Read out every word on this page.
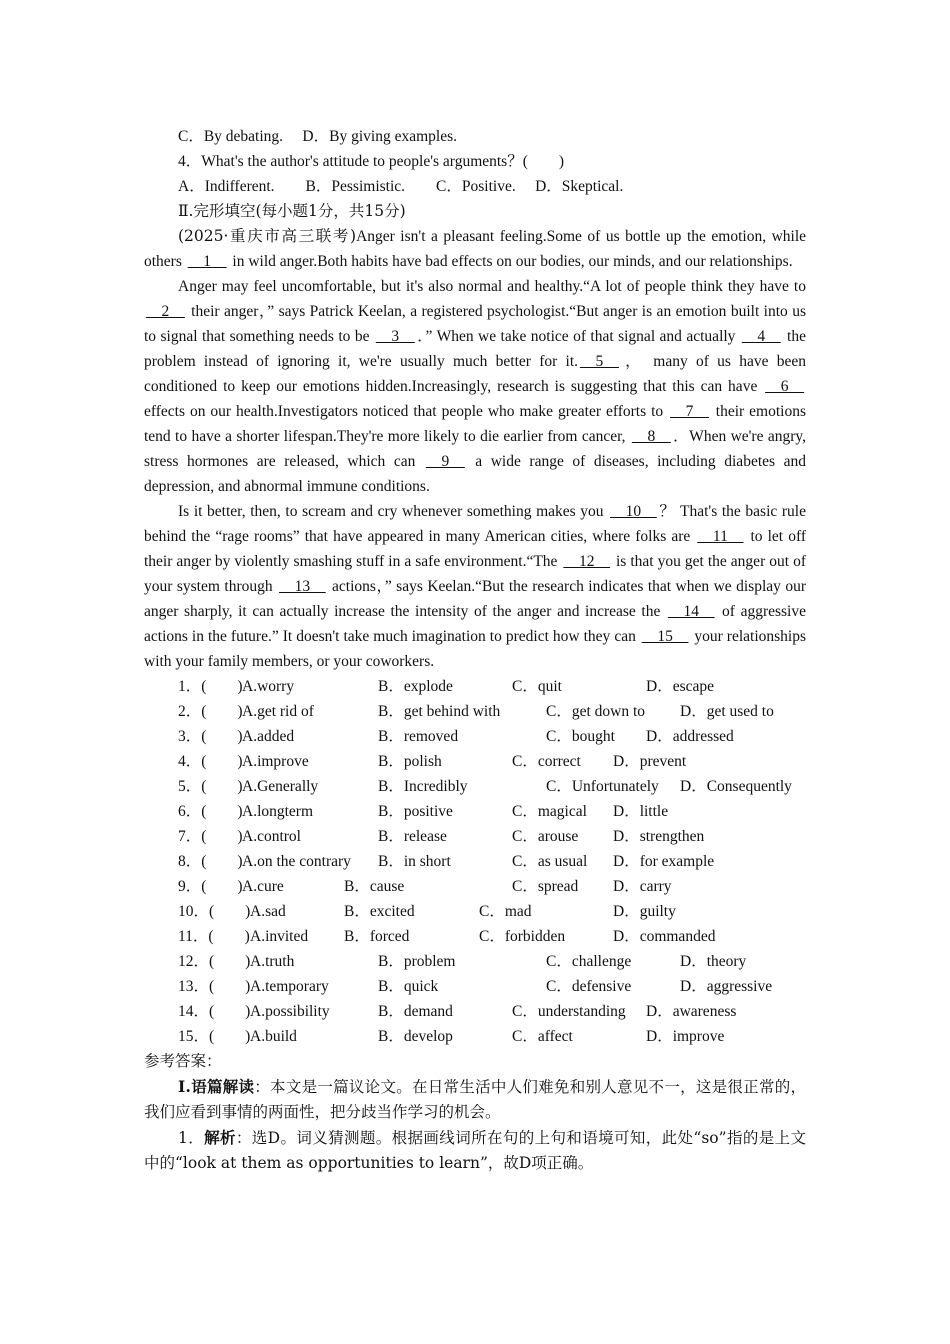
C．By debating.　 D．By giving examples.
4．What's the author's attitude to people's arguments？(　　)
A．Indifferent.　　B．Pessimistic.　　C．Positive.　 D．Skeptical.
Ⅱ.完形填空(每小题1分，共15分)

(2025·重庆市高三联考)Anger isn't a pleasant feeling.Some of us bottle up the emotion, while others __1__ in wild anger.Both habits have bad effects on our bodies, our minds, and our relationships.

Anger may feel uncomfortable, but it's also normal and healthy.“A lot of people think they have to __2__ their anger，” says Patrick Keelan, a registered psychologist.“But anger is an emotion built into us to signal that something needs to be __3__ ．” When we take notice of that signal and actually __4__ the problem instead of ignoring it, we're usually much better for it. __5__ ， many of us have been conditioned to keep our emotions hidden.Increasingly, research is suggesting that this can have __6__ effects on our health.Investigators noticed that people who make greater efforts to __7__ their emotions tend to have a shorter lifespan.They're more likely to die earlier from cancer, __8__ ．When we're angry, stress hormones are released, which can __9__ a wide range of diseases, including diabetes and depression, and abnormal immune conditions.

Is it better, then, to scream and cry whenever something makes you __10__ ？ That's the basic rule behind the “rage rooms” that have appeared in many American cities, where folks are __11__ to let off their anger by violently smashing stuff in a safe environment.“The __12__ is that you get the anger out of your system through __13__ actions，” says Keelan.“But the research indicates that when we display our anger sharply, it can actually increase the intensity of the anger and increase the __14__ of aggressive actions in the future.” It doesn't take much imagination to predict how they can __15__ your relationships with your family members, or your coworkers.

1．(　　) A.worry	B．explode	C．quit	D．escape
2．(　　) A.get rid of	B．get behind with	C．get down to D．get used to
3．(　　) A.added	B．removed	C．bought D．addressed
4．(　　) A.improve	B．polish	C．correct D．prevent
5．(　　) A.Generally	B．Incredibly	C．Unfortunately D．Consequently
6．(　　) A.longterm	B．positive	C．magical D．little
7．(　　) A.control	B．release	C．arouse D．strengthen
8．(　　) A.on the contrary B．in short	C．as usual D．for example
9．(　　) A.cure	B．cause	C．spread D．carry
10．(　　) A.sad	B．excited	C．mad	D．guilty
11．(　　) A.invited B．forced	C．forbidden	D．commanded
12．(　　) A.truth	B．problem	C．challenge	D．theory
13．(　　) A.temporary	B．quick	C．defensive	D．aggressive
14．(　　) A.possibility	B．demand	C．understanding D．awareness
15．(　　) A.build	B．develop	C．affect	D．improve
参考答案：

Ⅰ.语篇解读：本文是一篇议论文。在日常生活中人们难免和别人意见不一，这是很正常的，我们应看到事情的两面性，把分歧当作学习的机会。

1．解析：选D。词义猜测题。根据画线词所在句的上句和语境可知，此处“so”指的是上文中的“look at them as opportunities to learn”，故D项正确。
